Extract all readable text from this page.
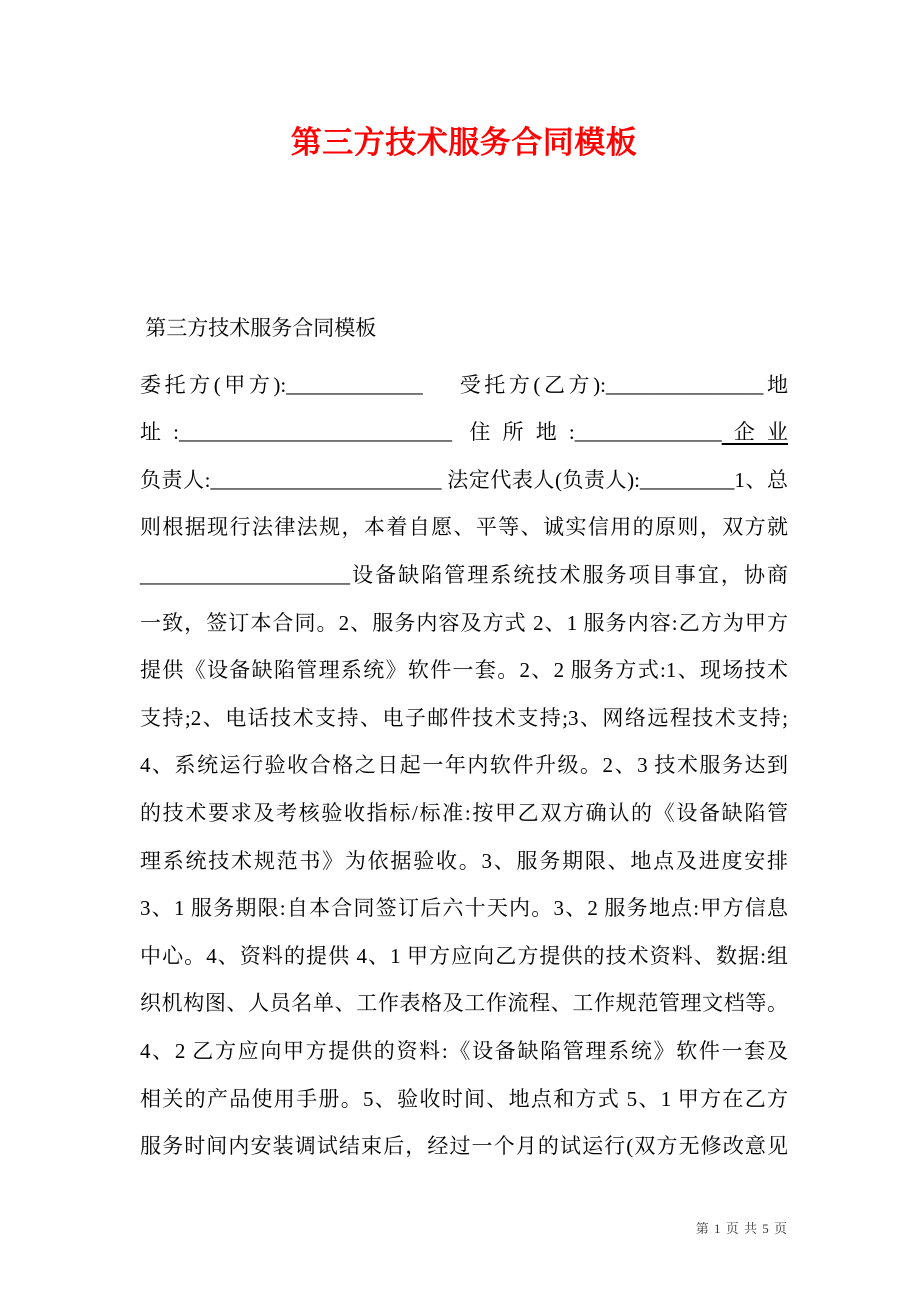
第三方技术服务合同模板
第三方技术服务合同模板
委托方(甲方):_____________　 受托方(乙方):_______________地
址:__________________________ 住所地:______________企业
负责人:______________________ 法定代表人(负责人):_________1、总
则根据现行法律法规，本着自愿、平等、诚实信用的原则，双方就
____________________设备缺陷管理系统技术服务项目事宜，协商
一致，签订本合同。2、服务内容及方式 2、1 服务内容:乙方为甲方
提供《设备缺陷管理系统》软件一套。2、2 服务方式:1、现场技术
支持;2、电话技术支持、电子邮件技术支持;3、网络远程技术支持;
4、系统运行验收合格之日起一年内软件升级。2、3 技术服务达到
的技术要求及考核验收指标/标准:按甲乙双方确认的《设备缺陷管
理系统技术规范书》为依据验收。3、服务期限、地点及进度安排
3、1 服务期限:自本合同签订后六十天内。3、2 服务地点:甲方信息
中心。4、资料的提供 4、1 甲方应向乙方提供的技术资料、数据:组
织机构图、人员名单、工作表格及工作流程、工作规范管理文档等。
4、2 乙方应向甲方提供的资料:《设备缺陷管理系统》软件一套及
相关的产品使用手册。5、验收时间、地点和方式 5、1 甲方在乙方
服务时间内安装调试结束后，经过一个月的试运行(双方无修改意见

第 1 页 共 5 页
